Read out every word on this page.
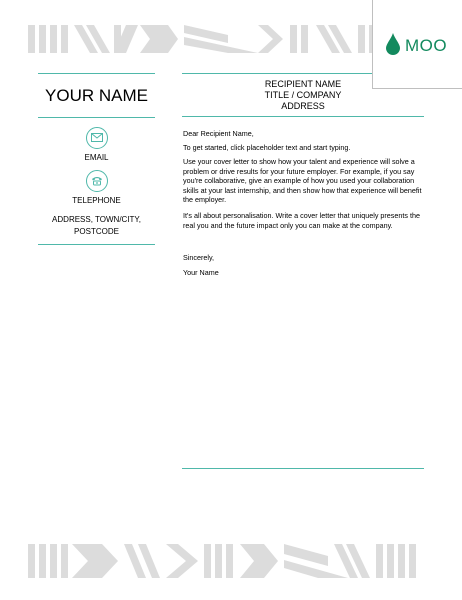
MOO
YOUR NAME
EMAIL
TELEPHONE
ADDRESS, TOWN/CITY,
POSTCODE
RECIPIENT NAME
TITLE / COMPANY
ADDRESS
Dear Recipient Name,
To get started, click placeholder text and start typing.
Use your cover letter to show how your talent and experience will solve a problem or drive results for your future employer. For example, if you say you're collaborative, give an example of how you used your collaboration skills at your last internship, and then show how that experience will benefit the employer.
It's all about personalisation. Write a cover letter that uniquely presents the real you and the future impact only you can make at the company.
Sincerely,
Your Name
